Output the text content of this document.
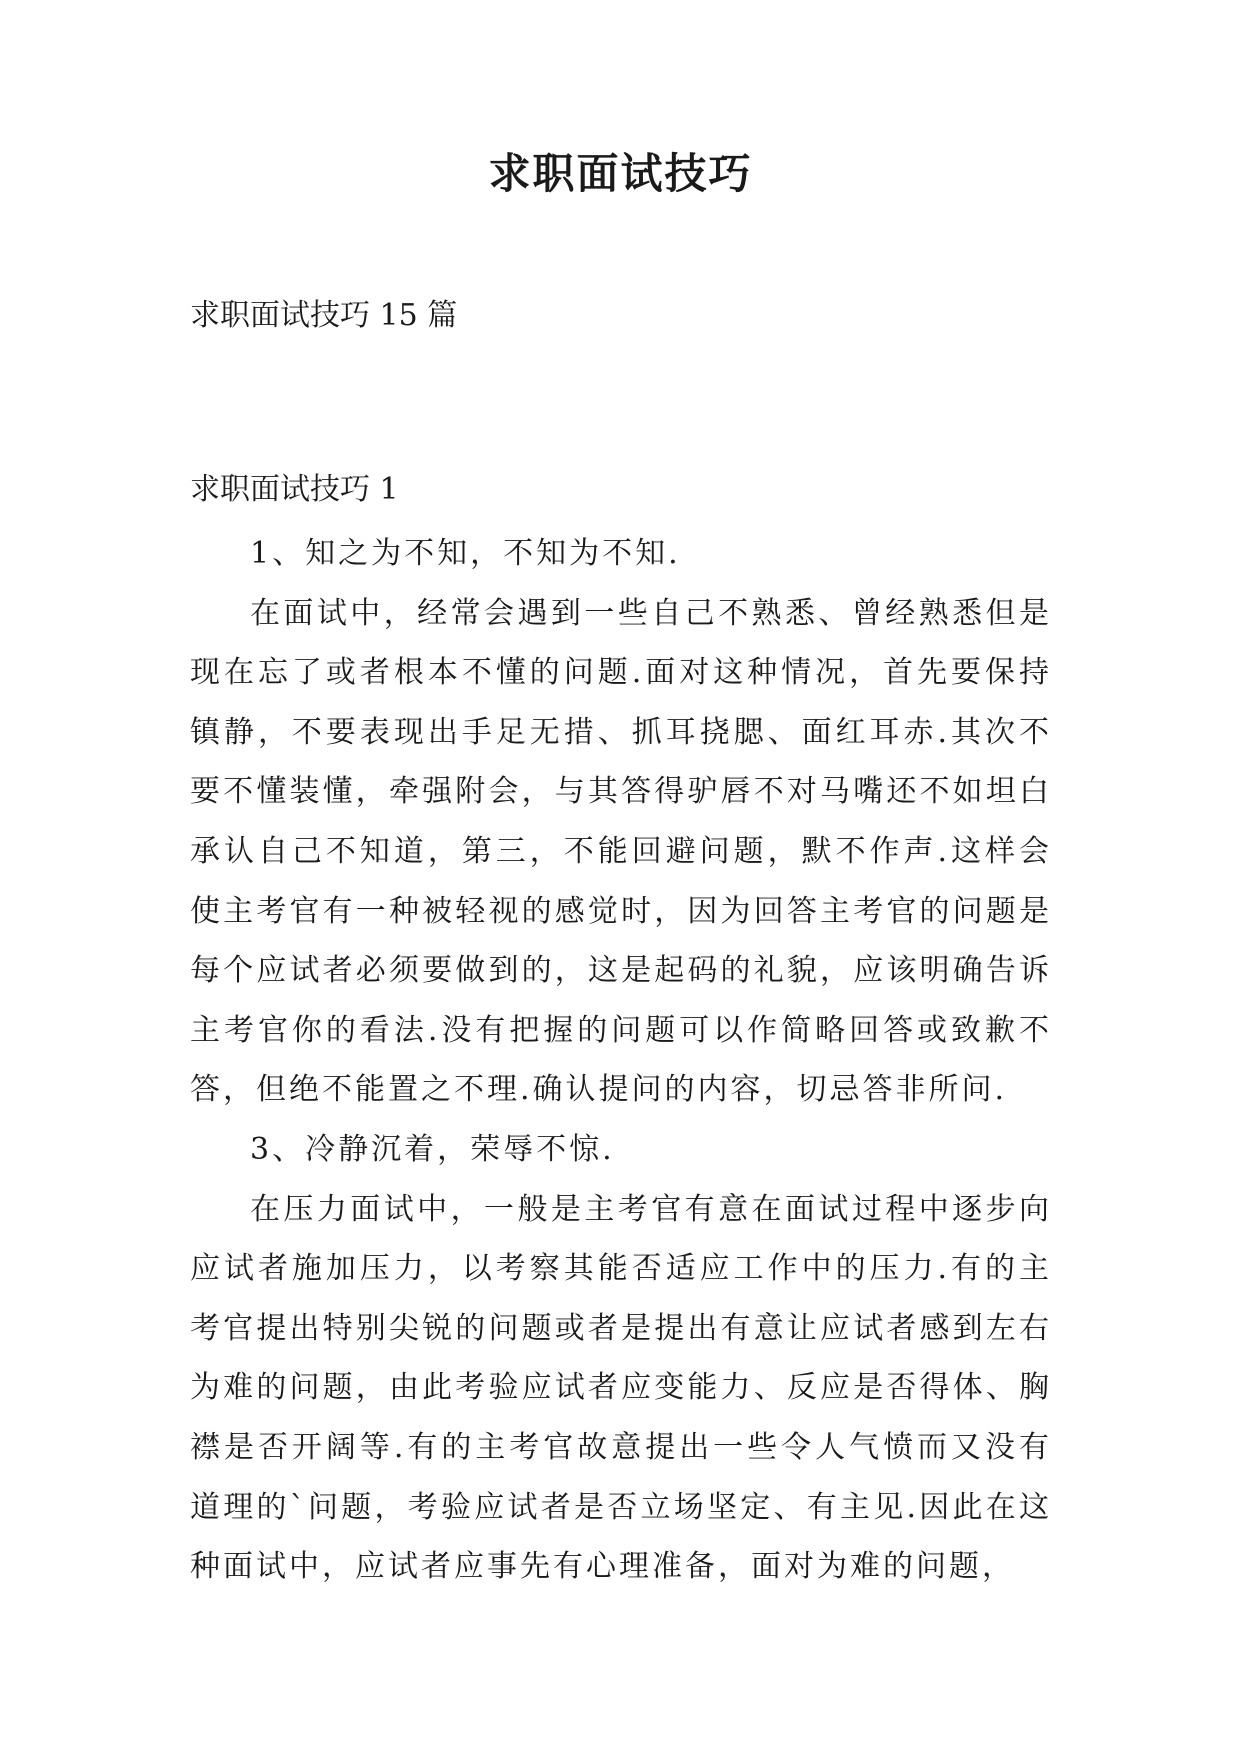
求职面试技巧
求职面试技巧 15 篇
求职面试技巧 1

1、知之为不知，不知为不知.

在面试中，经常会遇到一些自己不熟悉、曾经熟悉但是现在忘了或者根本不懂的问题.面对这种情况，首先要保持镇静，不要表现出手足无措、抓耳挠腮、面红耳赤.其次不要不懂装懂，牵强附会，与其答得驴唇不对马嘴还不如坦白承认自己不知道，第三，不能回避问题，默不作声.这样会使主考官有一种被轻视的感觉时，因为回答主考官的问题是每个应试者必须要做到的，这是起码的礼貌，应该明确告诉主考官你的看法.没有把握的问题可以作简略回答或致歉不答，但绝不能置之不理.确认提问的内容，切忌答非所问.

3、冷静沉着，荣辱不惊.

在压力面试中，一般是主考官有意在面试过程中逐步向应试者施加压力，以考察其能否适应工作中的压力.有的主考官提出特别尖锐的问题或者是提出有意让应试者感到左右为难的问题，由此考验应试者应变能力、反应是否得体、胸襟是否开阔等.有的主考官故意提出一些令人气愤而又没有道理的`问题，考验应试者是否立场坚定、有主见.因此在这种面试中，应试者应事先有心理准备，面对为难的问题，
